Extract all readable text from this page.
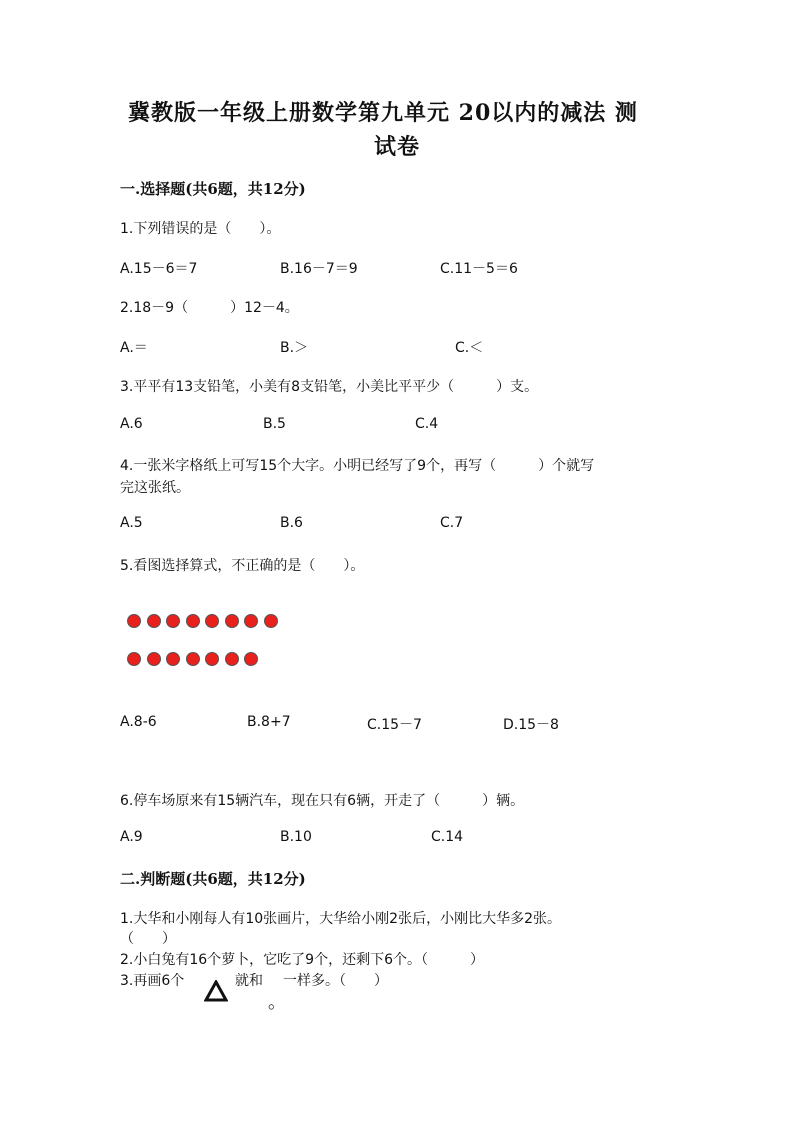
冀教版一年级上册数学第九单元 20以内的减法 测
试卷
一.选择题(共6题，共12分)
1.下列错误的是（　　）。
A.15－6＝7	B.16－7＝9	C.11－5＝6
2.18－9（　　　）12－4。
A.＝	B.＞	C.＜
3.平平有13支铅笔，小美有8支铅笔，小美比平平少（　　　）支。
A.6	B.5	C.4
4.一张米字格纸上可写15个大字。小明已经写了9个，再写（　　　）个就写
完这张纸。
A.5	B.6	C.7
5.看图选择算式，不正确的是（　　）。
A.8-6	B.8+7	C.15－7	D.15－8
6.停车场原来有15辆汽车，现在只有6辆，开走了（　　　）辆。
A.9	B.10	C.14
二.判断题(共6题，共12分)
1.大华和小刚每人有10张画片，大华给小刚2张后，小刚比大华多2张。
（　　）
2.小白兔有16个萝卜，它吃了9个，还剩下6个。（　　　）
3.再画6个	就和 一样多。（　　）
。
